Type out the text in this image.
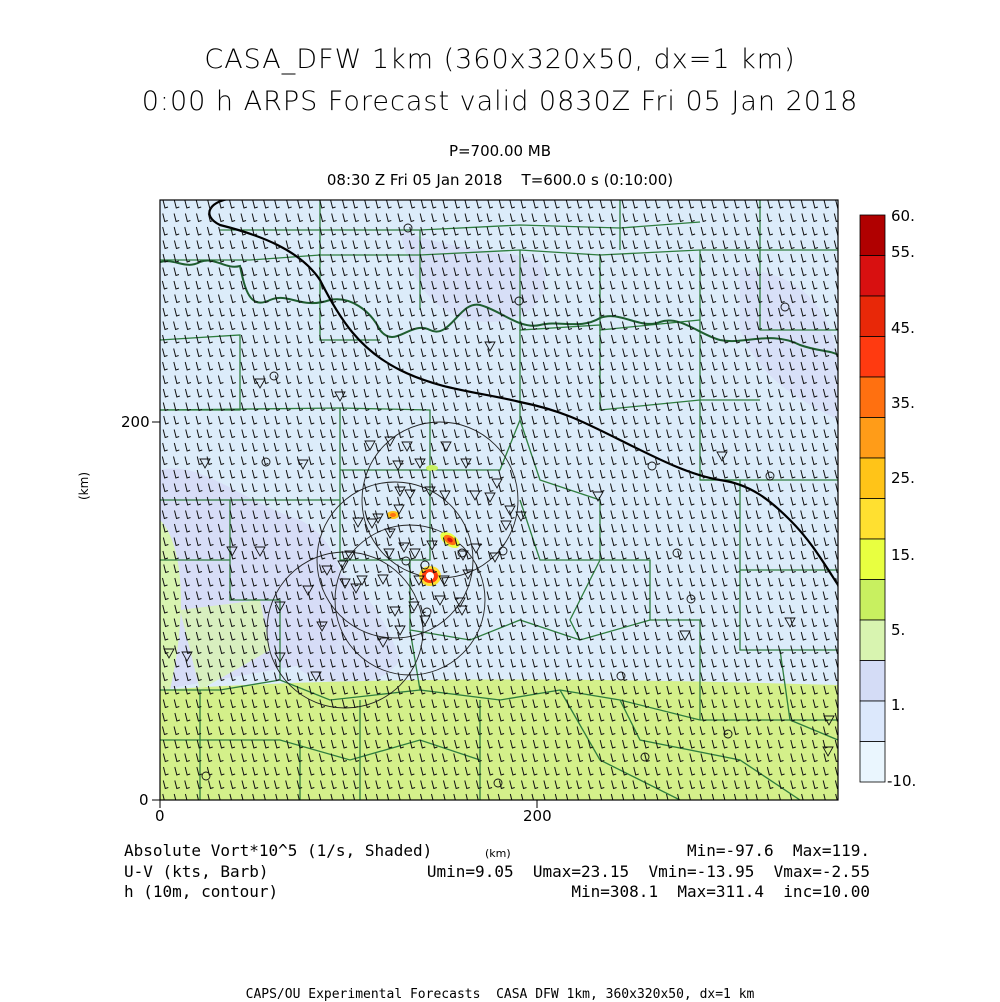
CASA_DFW 1km (360x320x50, dx=1 km)
0:00 h ARPS Forecast valid 0830Z Fri 05 Jan 2018
P=700.00 MB
08:30 Z Fri 05 Jan 2018    T=600.0 s (0:10:00)
200
0
0	200
(km)
60.
55.
45.
35.
25.
15.
5.
1.
-10.
Absolute Vort*10^5 (1/s, Shaded)	(km)	Min=-97.6  Max=119.
U-V (kts, Barb)	Umin=9.05  Umax=23.15  Vmin=-13.95  Vmax=-2.55
h (10m, contour)	Min=308.1  Max=311.4  inc=10.00
CAPS/OU Experimental Forecasts  CASA DFW 1km, 360x320x50, dx=1 km
